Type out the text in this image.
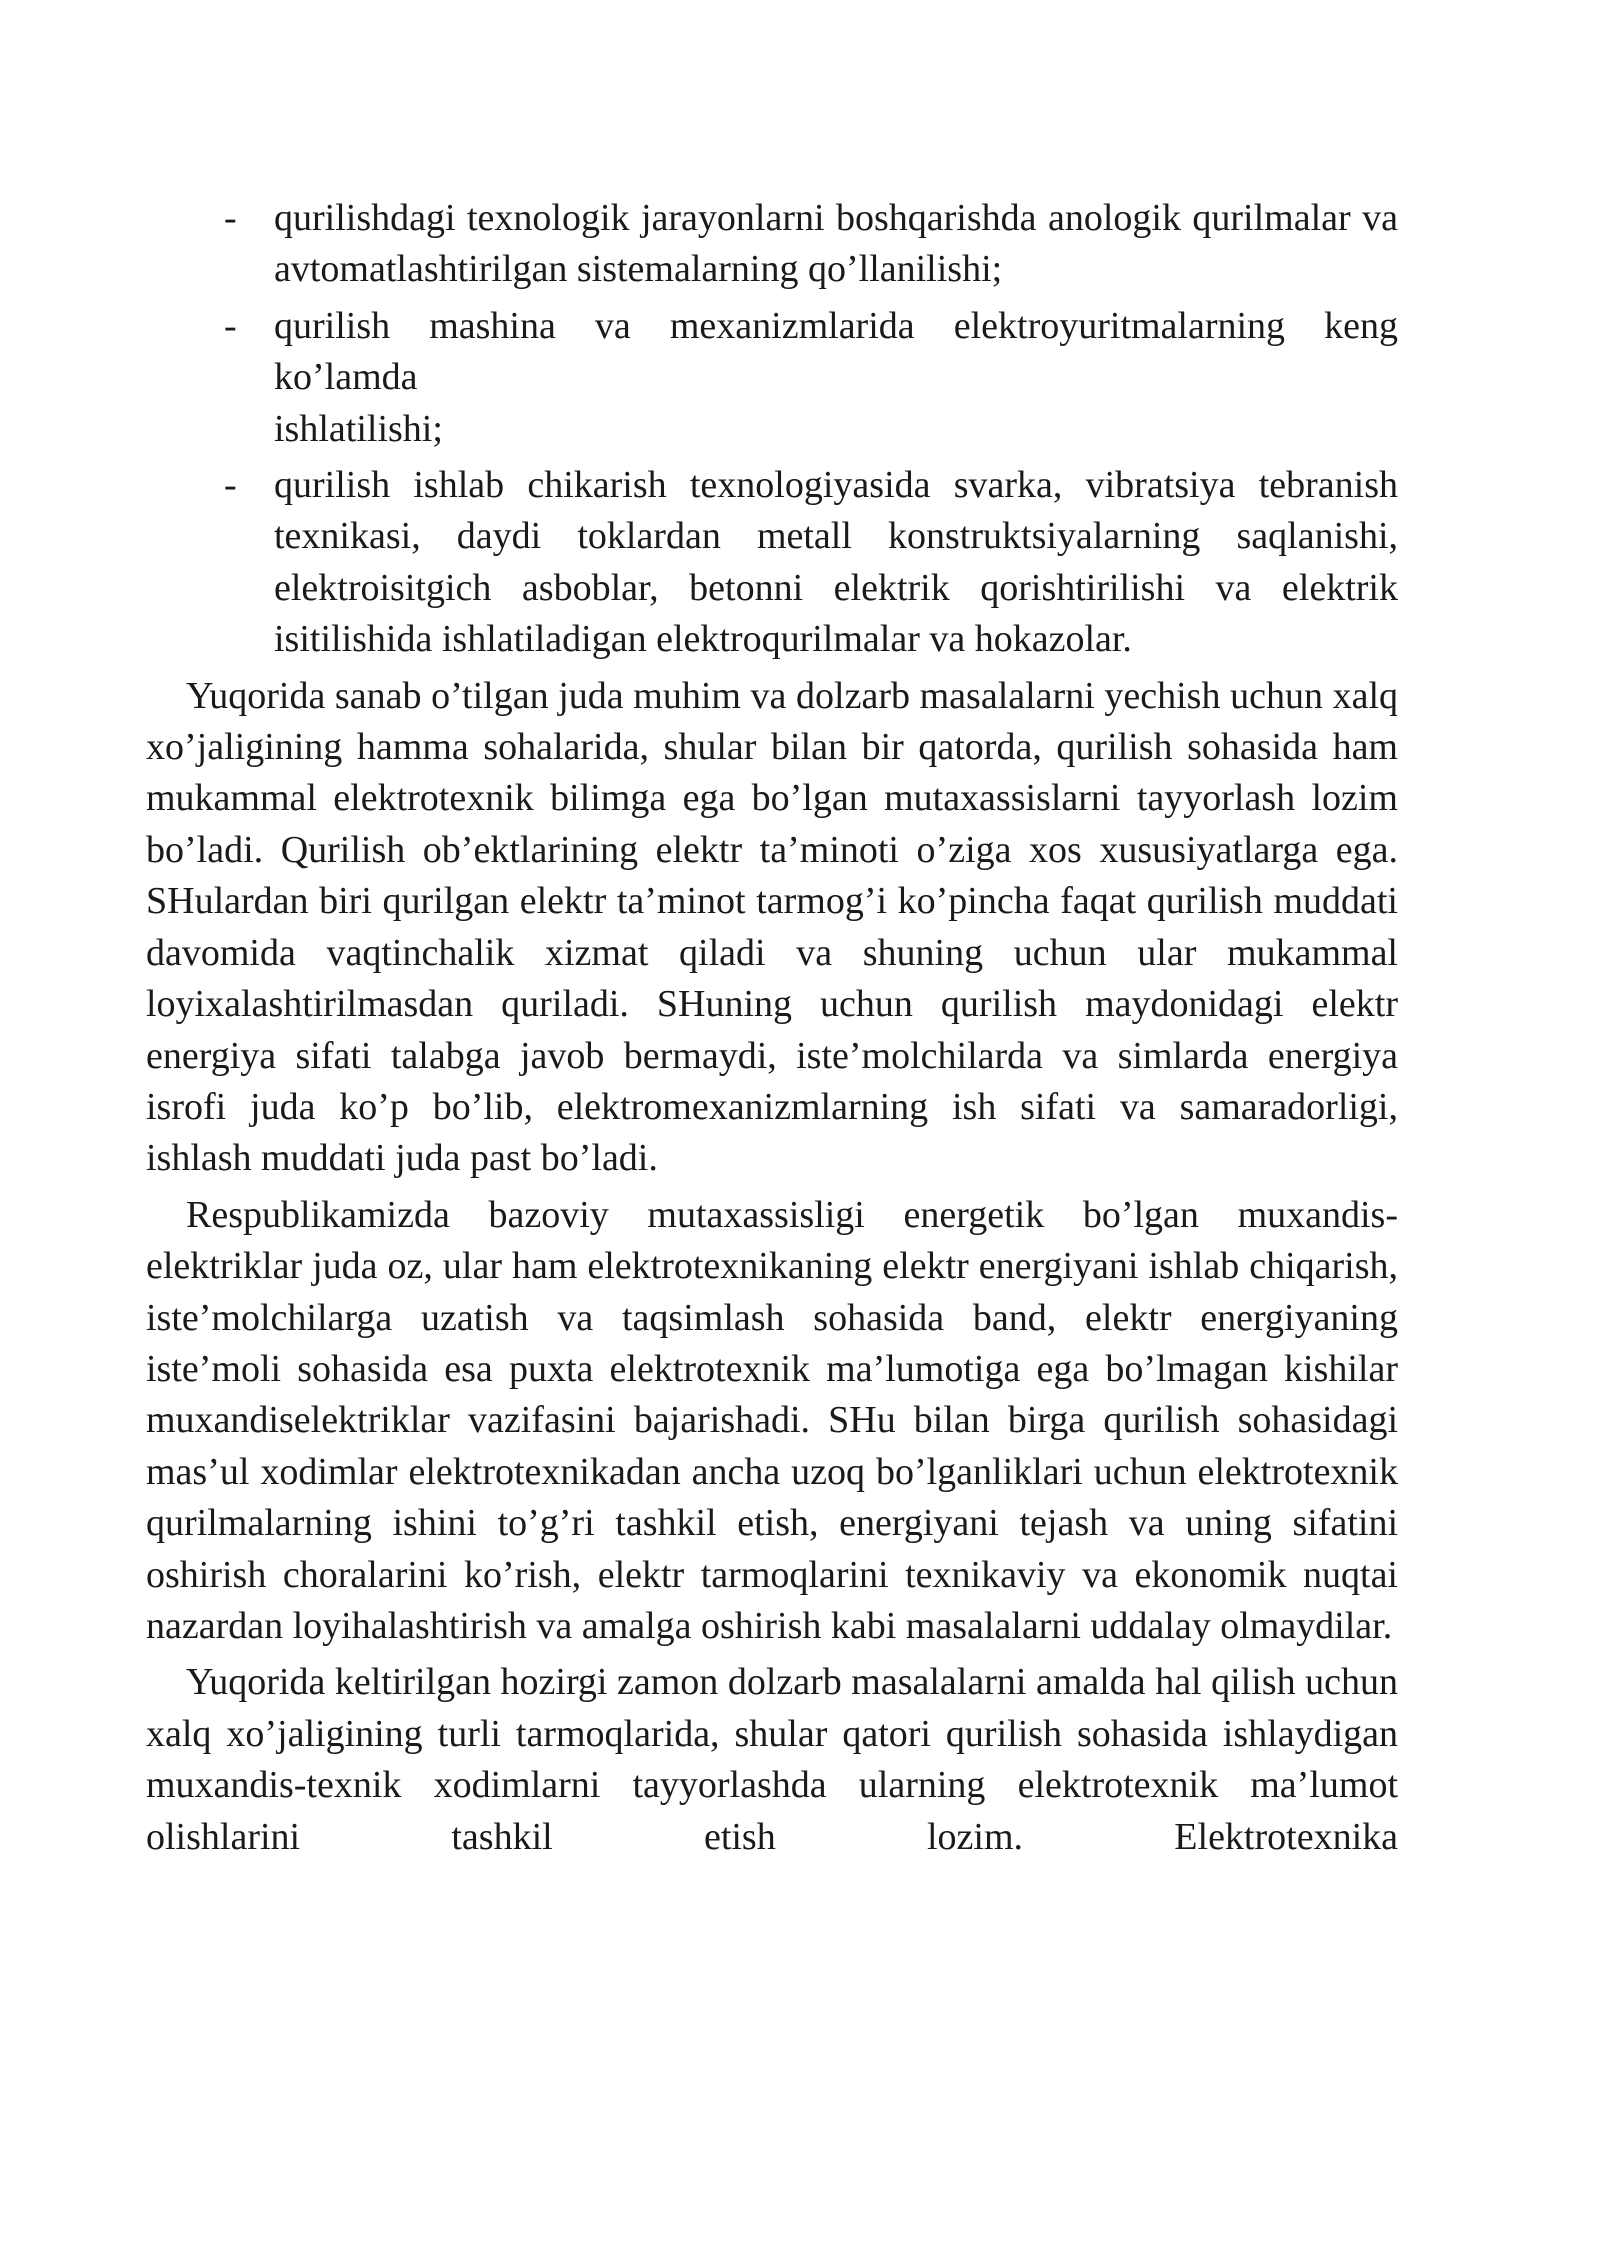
- qurilishdagi texnologik jarayonlarni boshqarishda anologik qurilmalar va avtomatlashtirilgan sistemalarning qo’llanilishi;
- qurilish mashina va mexanizmlarida elektroyuritmalarning keng
ko’lamda
ishlatilishi;
- qurilish ishlab chikarish texnologiyasida svarka, vibratsiya tebranish texnikasi, daydi toklardan metall konstruktsiyalarning saqlanishi, elektroisitgich asboblar, betonni elektrik qorishtirilishi va elektrik isitilishida ishlatiladigan elektroqurilmalar va hokazolar.

Yuqorida sanab o’tilgan juda muhim va dolzarb masalalarni yechish uchun xalq xo’jaligining hamma sohalarida, shular bilan bir qatorda, qurilish sohasida ham mukammal elektrotexnik bilimga ega bo’lgan mutaxassislarni tayyorlash lozim bo’ladi. Qurilish ob’ektlarining elektr ta’minoti o’ziga xos xususiyatlarga ega. SHulardan biri qurilgan elektr ta’minot tarmog’i ko’pincha faqat qurilish muddati davomida vaqtinchalik xizmat qiladi va shuning uchun ular mukammal loyixalashtirilmasdan quriladi. SHuning uchun qurilish maydonidagi elektr energiya sifati talabga javob bermaydi, iste’molchilarda va simlarda energiya isrofi juda ko’p bo’lib, elektromexanizmlarning ish sifati va samaradorligi, ishlash muddati juda past bo’ladi.

Respublikamizda bazoviy mutaxassisligi energetik bo’lgan muxandis-elektriklar juda oz, ular ham elektrotexnikaning elektr energiyani ishlab chiqarish, iste’molchilarga uzatish va taqsimlash sohasida band, elektr energiyaning iste’moli sohasida esa puxta elektrotexnik ma’lumotiga ega bo’lmagan kishilar muxandiselektriklar vazifasini bajarishadi. SHu bilan birga qurilish sohasidagi mas’ul xodimlar elektrotexnikadan ancha uzoq bo’lganliklari uchun elektrotexnik qurilmalarning ishini to’g’ri tashkil etish, energiyani tejash va uning sifatini oshirish choralarini ko’rish, elektr tarmoqlarini texnikaviy va ekonomik nuqtai nazardan loyihalashtirish va amalga oshirish kabi masalalarni uddalay olmaydilar.

Yuqorida keltirilgan hozirgi zamon dolzarb masalalarni amalda hal qilish uchun xalq xo’jaligining turli tarmoqlarida, shular qatori qurilish sohasida ishlaydigan muxandis-texnik xodimlarni tayyorlashda ularning elektrotexnik ma’lumot olishlarini tashkil etish lozim. Elektrotexnika
